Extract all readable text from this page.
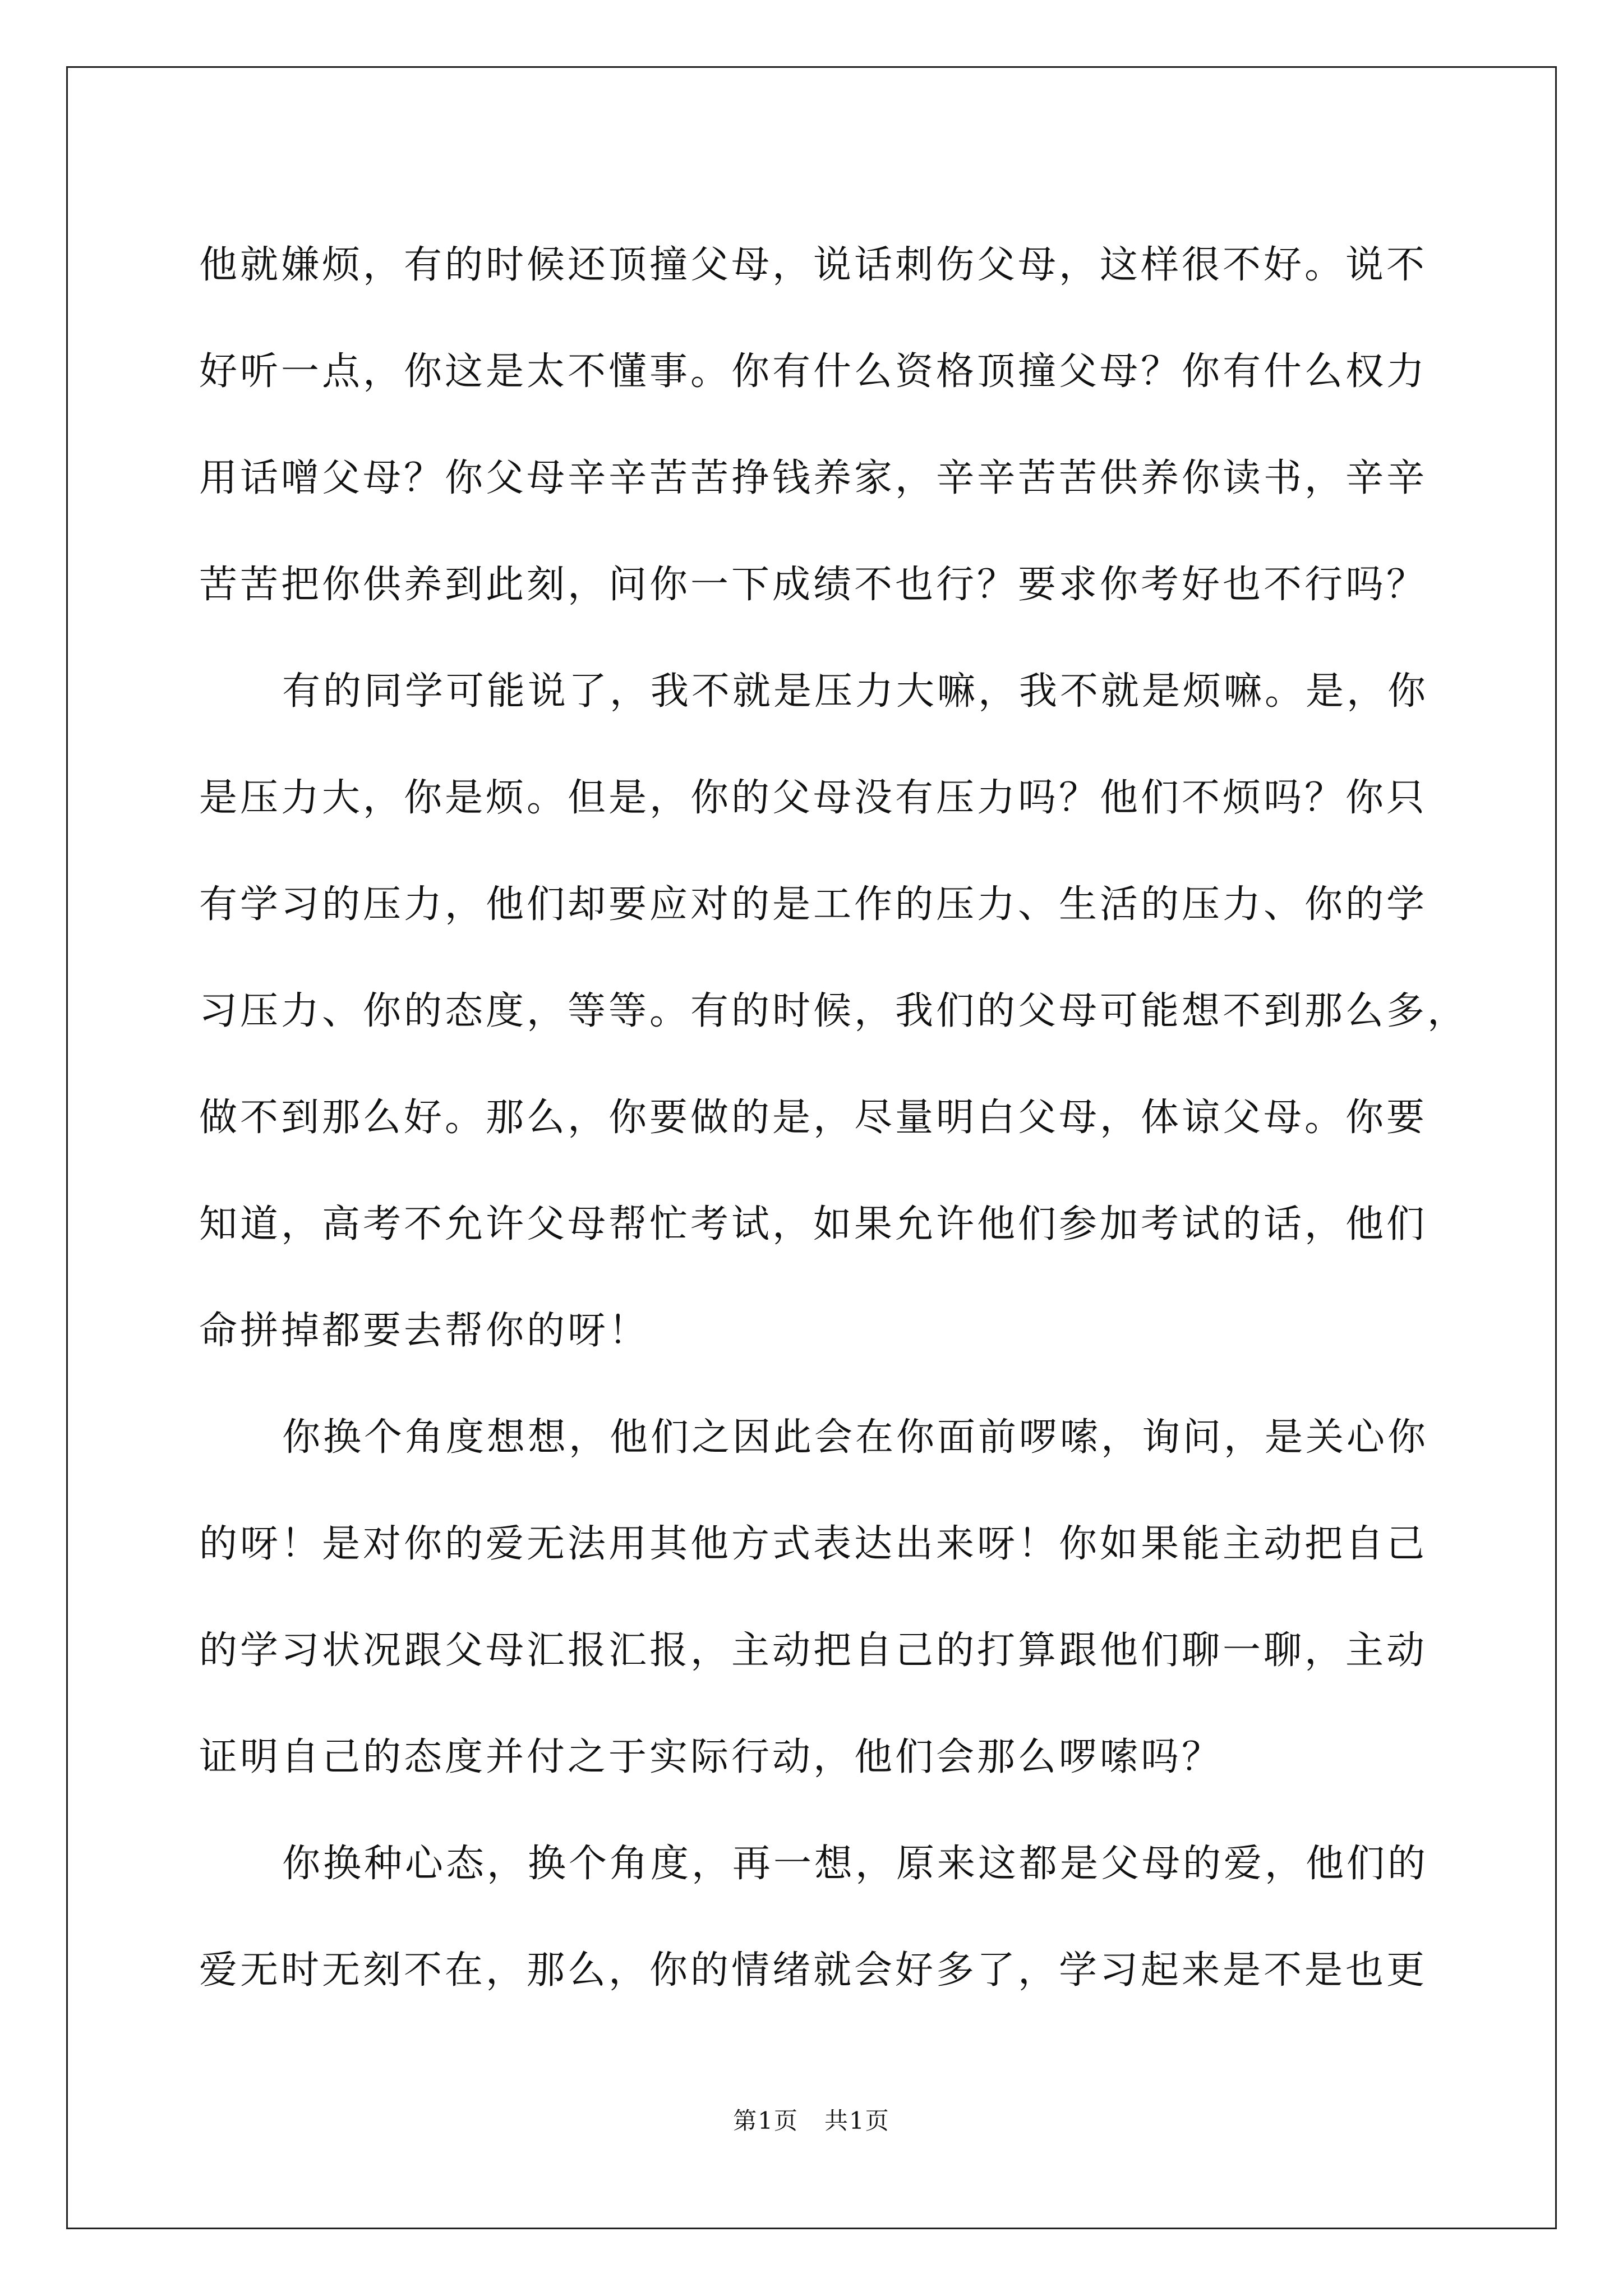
他就嫌烦，有的时候还顶撞父母，说话刺伤父母，这样很不好。说不
好听一点，你这是太不懂事。你有什么资格顶撞父母？你有什么权力
用话噌父母？你父母辛辛苦苦挣钱养家，辛辛苦苦供养你读书，辛辛
苦苦把你供养到此刻，问你一下成绩不也行？要求你考好也不行吗？
有的同学可能说了，我不就是压力大嘛，我不就是烦嘛。是，你
是压力大，你是烦。但是，你的父母没有压力吗？他们不烦吗？你只
有学习的压力，他们却要应对的是工作的压力、生活的压力、你的学
习压力、你的态度，等等。有的时候，我们的父母可能想不到那么多，
做不到那么好。那么，你要做的是，尽量明白父母，体谅父母。你要
知道，高考不允许父母帮忙考试，如果允许他们参加考试的话，他们
命拼掉都要去帮你的呀！
你换个角度想想，他们之因此会在你面前啰嗦，询问，是关心你
的呀！是对你的爱无法用其他方式表达出来呀！你如果能主动把自己
的学习状况跟父母汇报汇报，主动把自己的打算跟他们聊一聊，主动
证明自己的态度并付之于实际行动，他们会那么啰嗦吗？
你换种心态，换个角度，再一想，原来这都是父母的爱，他们的
爱无时无刻不在，那么，你的情绪就会好多了，学习起来是不是也更
第1页   共1页
